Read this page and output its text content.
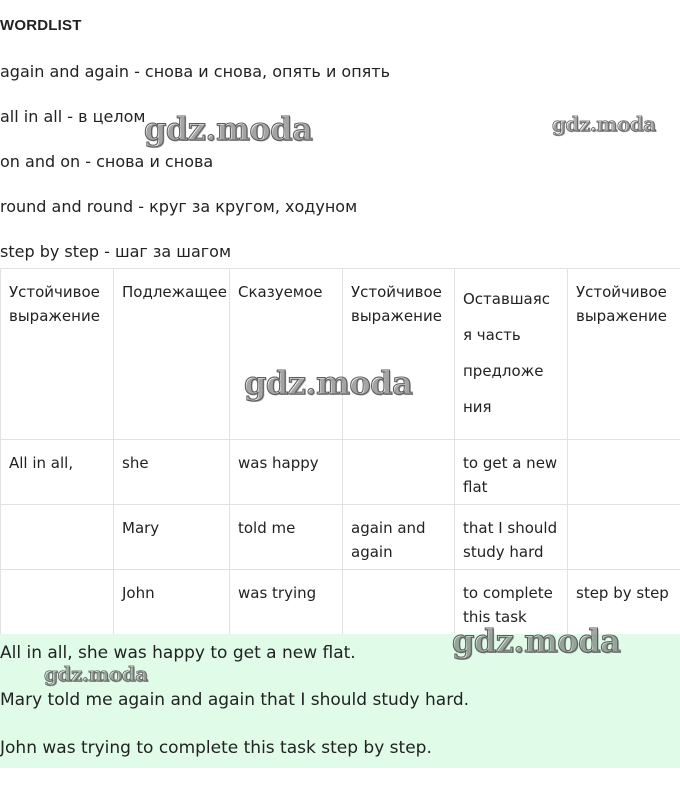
WORDLIST
again and again - снова и снова, опять и опять
all in all - в целом
on and on - снова и снова
round and round - круг за кругом, ходуном
step by step - шаг за шагом
Устойчивое выражение	Подлежащее	Сказуемое	Устойчивое выражение	Оставшаяс я часть предложе ния	Устойчивое выражение
All in all,	she	was happy		to get a new flat	
	Mary	told me	again and again	that I should study hard	
	John	was trying		to complete this task	step by step
All in all, she was happy to get a new flat.
Mary told me again and again that I should study hard.
John was trying to complete this task step by step.
gdz.moda	gdz.moda
gdz.moda
gdz.moda
gdz.moda
